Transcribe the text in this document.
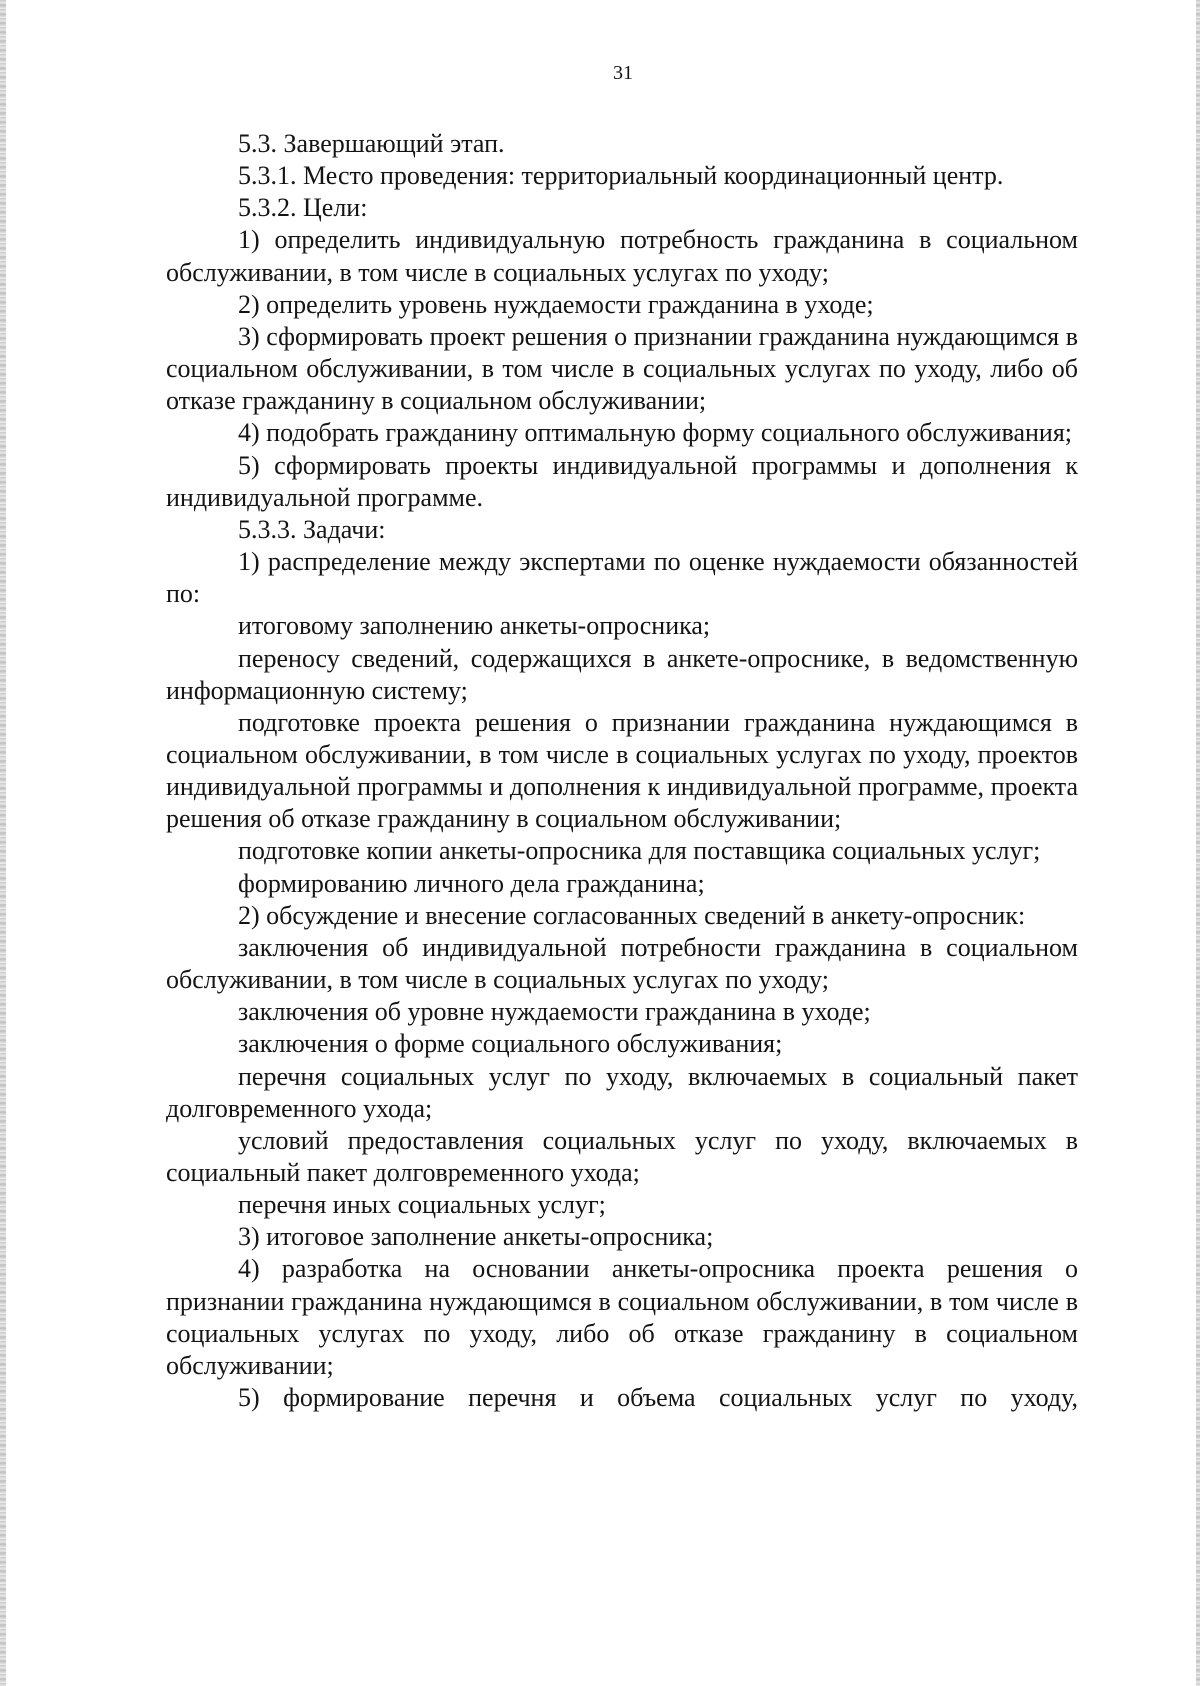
31

5.3. Завершающий этап.

5.3.1. Место проведения: территориальный координационный центр.

5.3.2. Цели:

1) определить индивидуальную потребность гражданина в социальном обслуживании, в том числе в социальных услугах по уходу;

2) определить уровень нуждаемости гражданина в уходе;

3) сформировать проект решения о признании гражданина нуждающимся в социальном обслуживании, в том числе в социальных услугах по уходу, либо об отказе гражданину в социальном обслуживании;

4) подобрать гражданину оптимальную форму социального обслуживания;

5) сформировать проекты индивидуальной программы и дополнения к индивидуальной программе.

5.3.3. Задачи:

1) распределение между экспертами по оценке нуждаемости обязанностей по:

итоговому заполнению анкеты-опросника;

переносу сведений, содержащихся в анкете-опроснике, в ведомственную информационную систему;

подготовке проекта решения о признании гражданина нуждающимся в социальном обслуживании, в том числе в социальных услугах по уходу, проектов индивидуальной программы и дополнения к индивидуальной программе, проекта решения об отказе гражданину в социальном обслуживании;

подготовке копии анкеты-опросника для поставщика социальных услуг;

формированию личного дела гражданина;

2) обсуждение и внесение согласованных сведений в анкету-опросник:

заключения об индивидуальной потребности гражданина в социальном обслуживании, в том числе в социальных услугах по уходу;

заключения об уровне нуждаемости гражданина в уходе;

заключения о форме социального обслуживания;

перечня социальных услуг по уходу, включаемых в социальный пакет долговременного ухода;

условий предоставления социальных услуг по уходу, включаемых в социальный пакет долговременного ухода;

перечня иных социальных услуг;

3) итоговое заполнение анкеты-опросника;

4) разработка на основании анкеты-опросника проекта решения о признании гражданина нуждающимся в социальном обслуживании, в том числе в социальных услугах по уходу, либо об отказе гражданину в социальном обслуживании;

5) формирование перечня и объема социальных услуг по уходу,
